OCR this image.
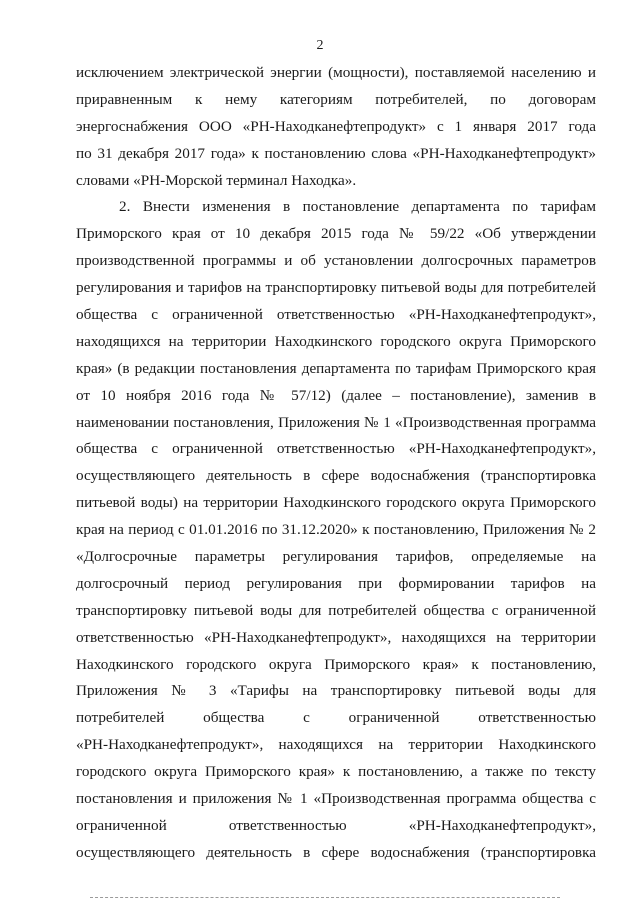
2
исключением электрической энергии (мощности), поставляемой населению и
приравненным к нему категориям потребителей, по договорам
энергоснабжения ООО «РН-Находканефтепродукт» с 1 января 2017 года
по 31 декабря 2017 года» к постановлению слова «РН-Находканефтепродукт»
словами «РН-Морской терминал Находка».
2. Внести изменения в постановление департамента по тарифам
Приморского края от 10 декабря 2015 года № 59/22 «Об утверждении
производственной программы и об установлении долгосрочных параметров
регулирования и тарифов на транспортировку питьевой воды для потребителей
общества с ограниченной ответственностью «РН-Находканефтепродукт»,
находящихся на территории Находкинского городского округа Приморского
края» (в редакции постановления департамента по тарифам Приморского края
от 10 ноября 2016 года № 57/12) (далее – постановление), заменив в
наименовании постановления, Приложения № 1 «Производственная программа
общества с ограниченной ответственностью «РН-Находканефтепродукт»,
осуществляющего деятельность в сфере водоснабжения (транспортировка
питьевой воды) на территории Находкинского городского округа Приморского
края на период с 01.01.2016 по 31.12.2020» к постановлению, Приложения № 2
«Долгосрочные параметры регулирования тарифов, определяемые на
долгосрочный период регулирования при формировании тарифов на
транспортировку питьевой воды для потребителей общества с ограниченной
ответственностью «РН-Находканефтепродукт», находящихся на территории
Находкинского городского округа Приморского края» к постановлению,
Приложения № 3 «Тарифы на транспортировку питьевой воды для
потребителей общества с ограниченной ответственностью
«РН-Находканефтепродукт», находящихся на территории Находкинского
городского округа Приморского края» к постановлению, а также по тексту
постановления и приложения № 1 «Производственная программа общества с
ограниченной ответственностью «РН-Находканефтепродукт»,
осуществляющего деятельность в сфере водоснабжения (транспортировка
